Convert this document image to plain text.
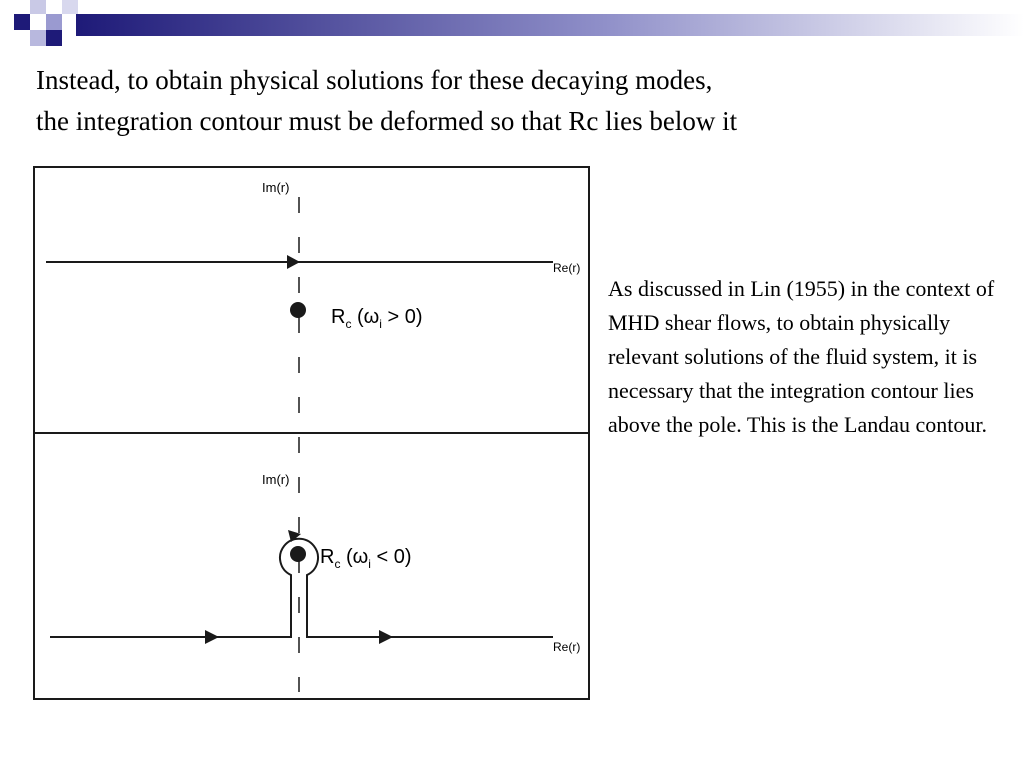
Instead, to obtain physical solutions for these decaying modes,
the integration contour must be deformed so that Rc lies below it
Im(r)
Re(r)
$R_c$ $(\omega_i > 0)$
Im(r)
$R_c$ $(\omega_i < 0)$
Re(r)

As discussed in Lin (1955) in the context of MHD shear flows, to obtain physically relevant solutions of the fluid system, it is necessary that the integration contour lies above the pole. This is the Landau contour.
